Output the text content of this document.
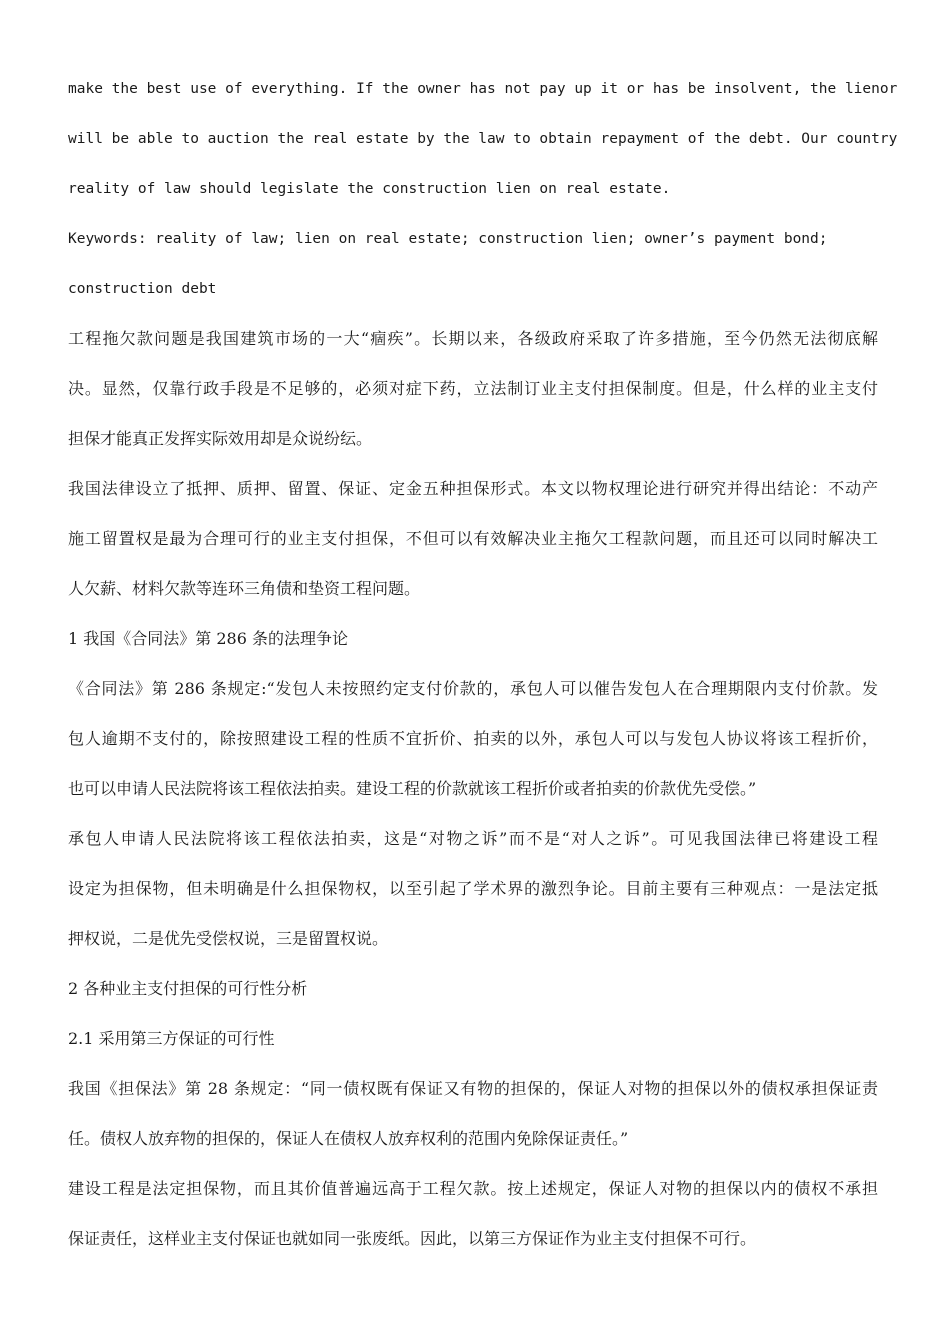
make the best use of everything. If the owner has not pay up it or has be insolvent, the lienor
will be able to auction the real estate by the law to obtain repayment of the debt. Our country
reality of law should legislate the construction lien on real estate.
Keywords: reality of law; lien on real estate; construction lien; owner’s payment bond;
construction debt
工程拖欠款问题是我国建筑市场的一大“痼疾”。长期以来，各级政府采取了许多措施，至今仍然无法彻底解
决。显然，仅靠行政手段是不足够的，必须对症下药，立法制订业主支付担保制度。但是，什么样的业主支付
担保才能真正发挥实际效用却是众说纷纭。
我国法律设立了抵押、质押、留置、保证、定金五种担保形式。本文以物权理论进行研究并得出结论：不动产
施工留置权是最为合理可行的业主支付担保，不但可以有效解决业主拖欠工程款问题，而且还可以同时解决工
人欠薪、材料欠款等连环三角债和垫资工程问题。
1 我国《合同法》第 286 条的法理争论
《合同法》第 286 条规定:“发包人未按照约定支付价款的，承包人可以催告发包人在合理期限内支付价款。发
包人逾期不支付的，除按照建设工程的性质不宜折价、拍卖的以外，承包人可以与发包人协议将该工程折价，
也可以申请人民法院将该工程依法拍卖。建设工程的价款就该工程折价或者拍卖的价款优先受偿。”
承包人申请人民法院将该工程依法拍卖，这是“对物之诉”而不是“对人之诉”。可见我国法律已将建设工程
设定为担保物，但未明确是什么担保物权，以至引起了学术界的激烈争论。目前主要有三种观点：一是法定抵
押权说，二是优先受偿权说，三是留置权说。
2 各种业主支付担保的可行性分析
2.1 采用第三方保证的可行性
我国《担保法》第 28 条规定：“同一债权既有保证又有物的担保的，保证人对物的担保以外的债权承担保证责
任。债权人放弃物的担保的，保证人在债权人放弃权利的范围内免除保证责任。”
建设工程是法定担保物，而且其价值普遍远高于工程欠款。按上述规定，保证人对物的担保以内的债权不承担
保证责任，这样业主支付保证也就如同一张废纸。因此，以第三方保证作为业主支付担保不可行。
